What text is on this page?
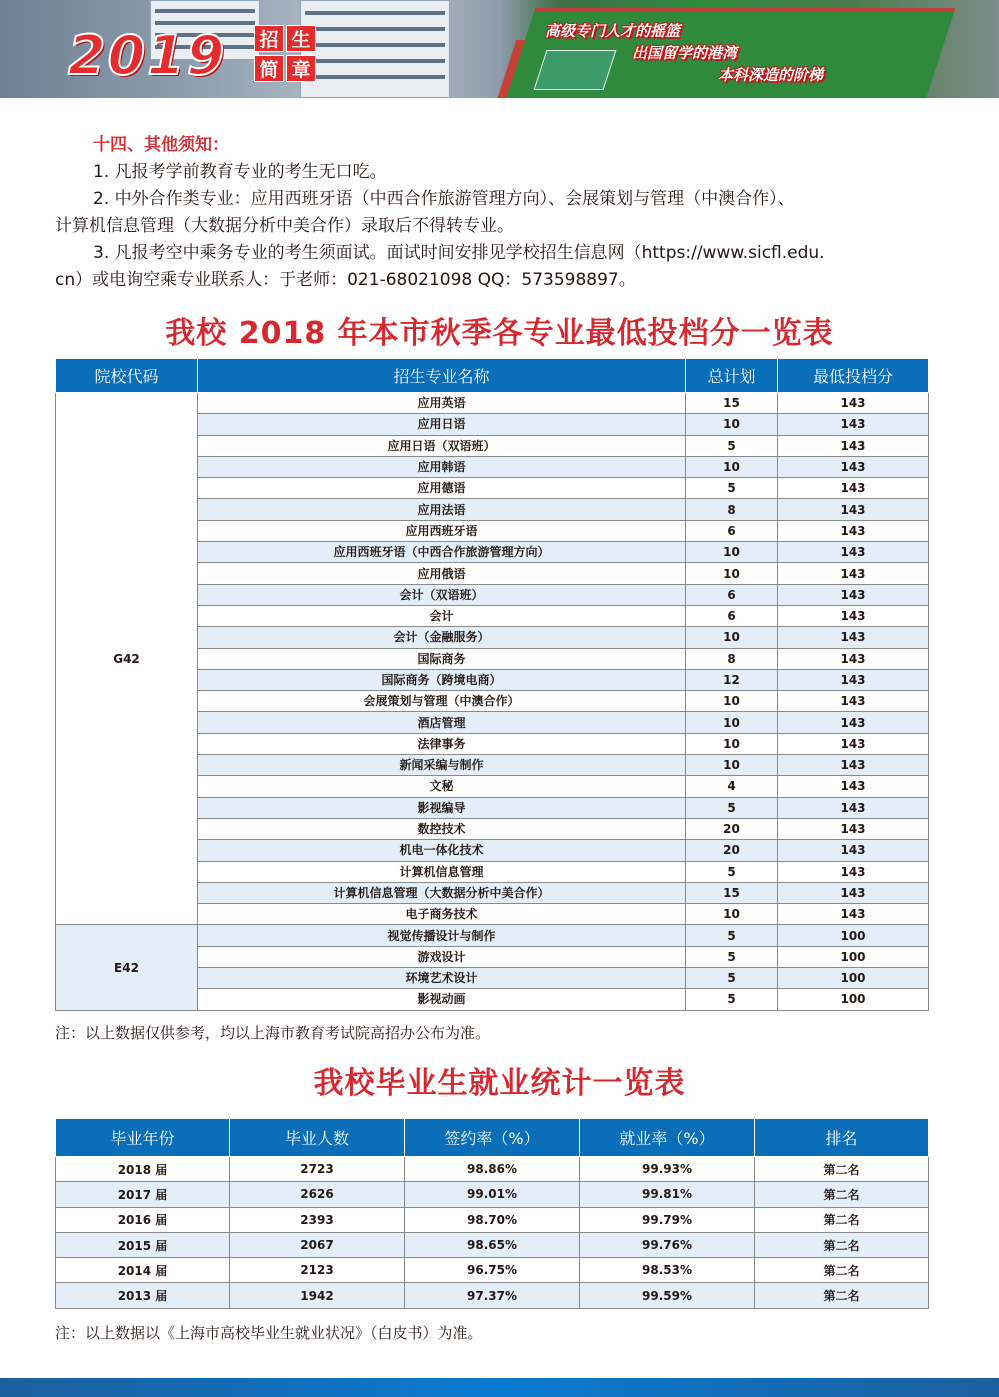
2019 招 生
简 章
高级专门人才的摇篮
出国留学的港湾
本科深造的阶梯
十四、其他须知：
1. 凡报考学前教育专业的考生无口吃。
2. 中外合作类专业：应用西班牙语（中西合作旅游管理方向）、会展策划与管理（中澳合作）、
计算机信息管理（大数据分析中美合作）录取后不得转专业。
3. 凡报考空中乘务专业的考生须面试。面试时间安排见学校招生信息网（https://www.sicfl.edu.
cn）或电询空乘专业联系人：于老师：021-68021098 QQ：573598897。
我校 2018 年本市秋季各专业最低投档分一览表
院校代码	招生专业名称	总计划	最低投档分
G42	应用英语	15	143
	应用日语	10	143
	应用日语（双语班）	5	143
	应用韩语	10	143
	应用德语	5	143
	应用法语	8	143
	应用西班牙语	6	143
	应用西班牙语（中西合作旅游管理方向）	10	143
	应用俄语	10	143
	会计（双语班）	6	143
	会计	6	143
	会计（金融服务）	10	143
	国际商务	8	143
	国际商务（跨境电商）	12	143
	会展策划与管理（中澳合作）	10	143
	酒店管理	10	143
	法律事务	10	143
	新闻采编与制作	10	143
	文秘	4	143
	影视编导	5	143
	数控技术	20	143
	机电一体化技术	20	143
	计算机信息管理	5	143
	计算机信息管理（大数据分析中美合作）	15	143
	电子商务技术	10	143
E42	视觉传播设计与制作	5	100
	游戏设计	5	100
	环境艺术设计	5	100
	影视动画	5	100
注：以上数据仅供参考，均以上海市教育考试院高招办公布为准。
我校毕业生就业统计一览表
毕业年份	毕业人数	签约率（%）	就业率（%）	排名
2018 届	2723	98.86%	99.93%	第二名
2017 届	2626	99.01%	99.81%	第二名
2016 届	2393	98.70%	99.79%	第二名
2015 届	2067	98.65%	99.76%	第二名
2014 届	2123	96.75%	98.53%	第二名
2013 届	1942	97.37%	99.59%	第二名
注：以上数据以《上海市高校毕业生就业状况》（白皮书）为准。
